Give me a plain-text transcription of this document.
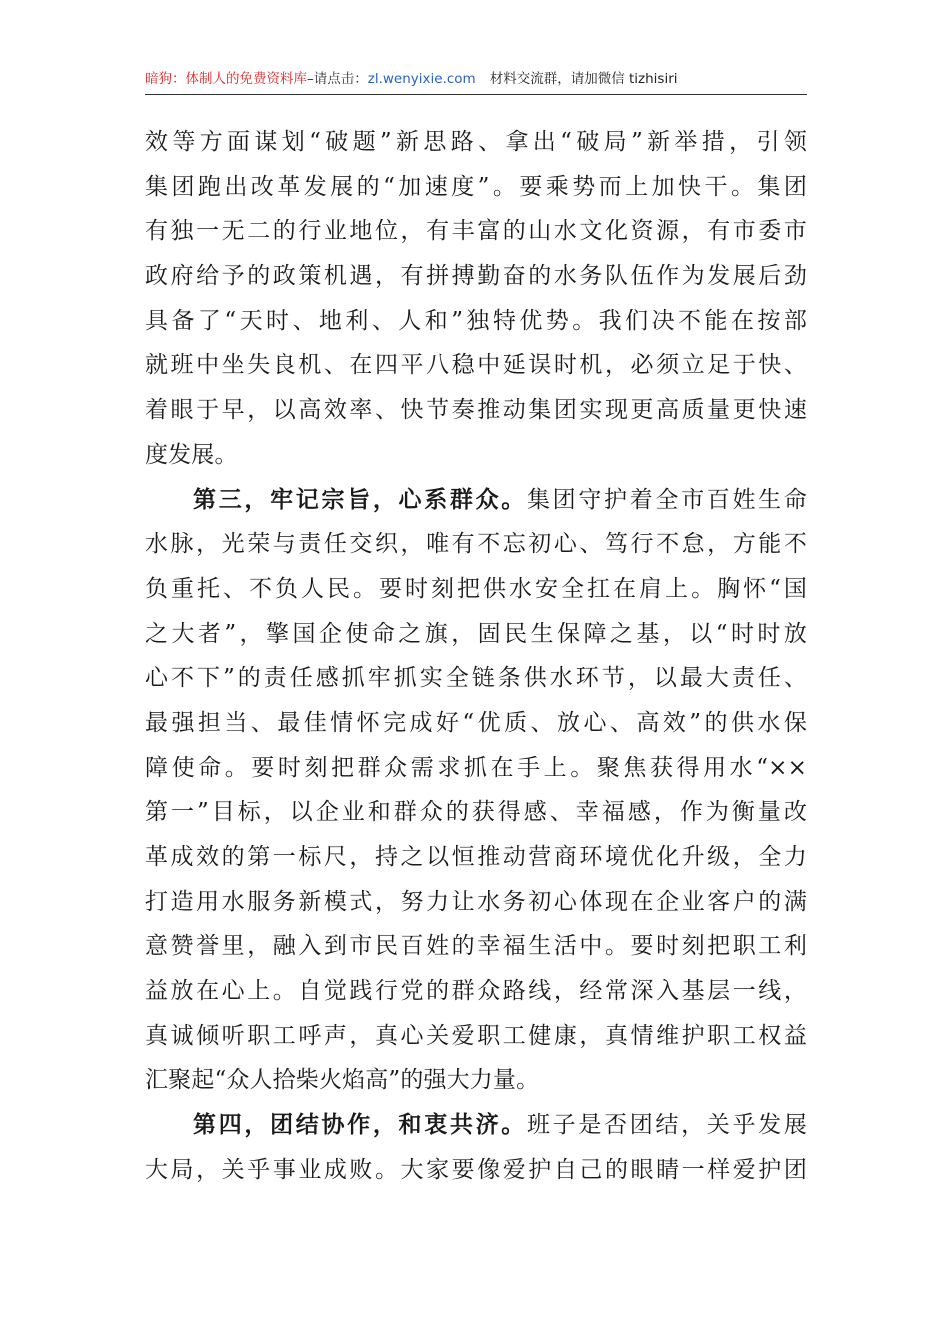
暗狗：体制人的免费资料库–请点击：zl.wenyixie.com 材料交流群，请加微信 tizhisiri
效等方面谋划“破题”新思路、拿出“破局”新举措，引领
集团跑出改革发展的“加速度”。要乘势而上加快干。集团
有独一无二的行业地位，有丰富的山水文化资源，有市委市
政府给予的政策机遇，有拼搏勤奋的水务队伍作为发展后劲
具备了“天时、地利、人和”独特优势。我们决不能在按部
就班中坐失良机、在四平八稳中延误时机，必须立足于快、
着眼于早，以高效率、快节奏推动集团实现更高质量更快速
度发展。
第三，牢记宗旨，心系群众。集团守护着全市百姓生命
水脉，光荣与责任交织，唯有不忘初心、笃行不怠，方能不
负重托、不负人民。要时刻把供水安全扛在肩上。胸怀“国
之大者”，擎国企使命之旗，固民生保障之基，以“时时放
心不下”的责任感抓牢抓实全链条供水环节，以最大责任、
最强担当、最佳情怀完成好“优质、放心、高效”的供水保
障使命。要时刻把群众需求抓在手上。聚焦获得用水“××
第一”目标，以企业和群众的获得感、幸福感，作为衡量改
革成效的第一标尺，持之以恒推动营商环境优化升级，全力
打造用水服务新模式，努力让水务初心体现在企业客户的满
意赞誉里，融入到市民百姓的幸福生活中。要时刻把职工利
益放在心上。自觉践行党的群众路线，经常深入基层一线，
真诚倾听职工呼声，真心关爱职工健康，真情维护职工权益
汇聚起“众人拾柴火焰高”的强大力量。
第四，团结协作，和衷共济。班子是否团结，关乎发展
大局，关乎事业成败。大家要像爱护自己的眼睛一样爱护团
